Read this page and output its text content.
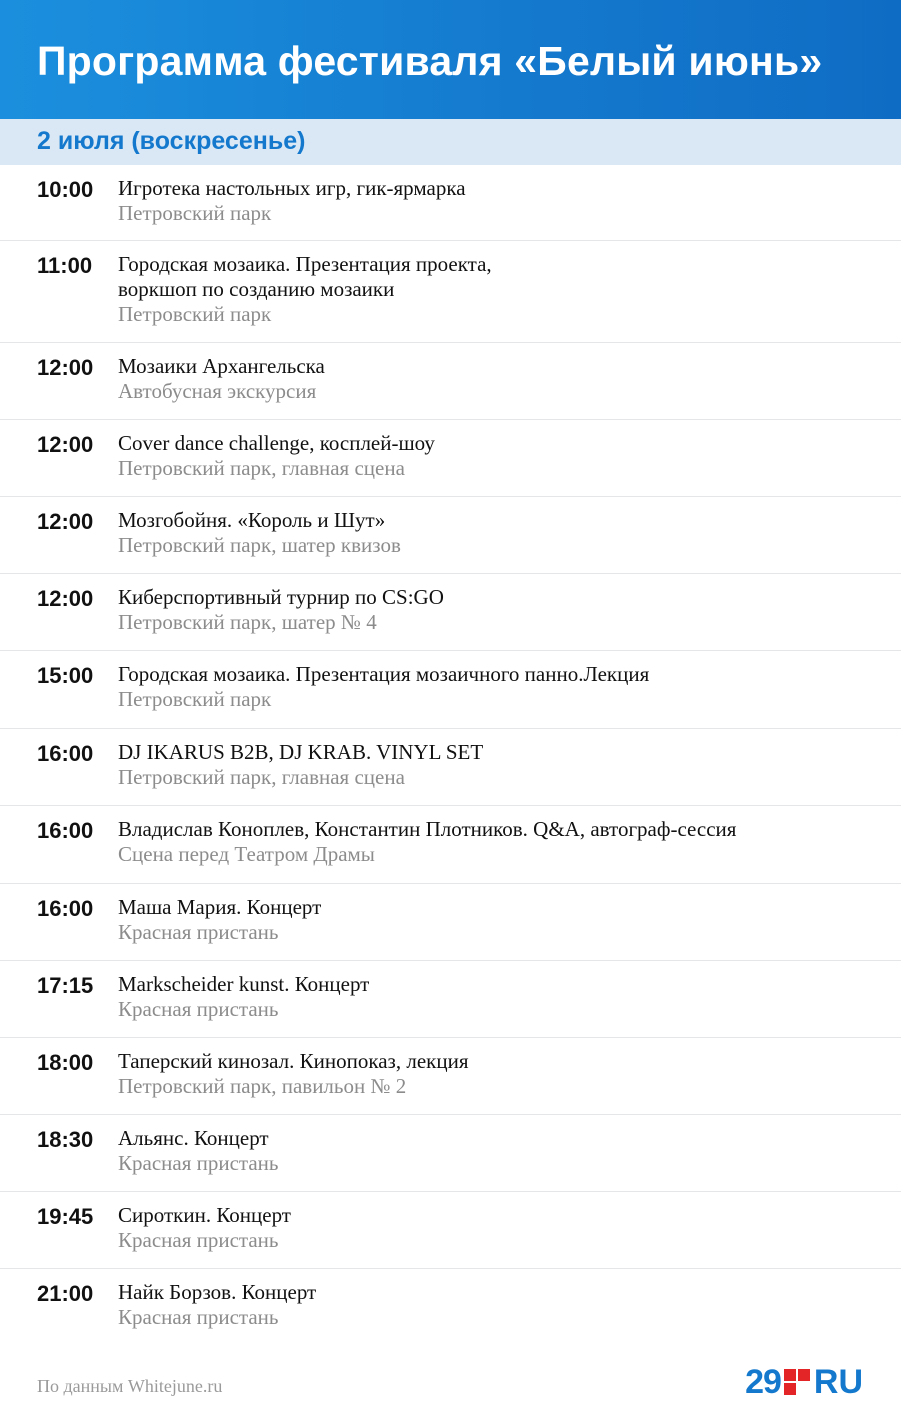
Программа фестиваля «Белый июнь»
2 июля (воскресенье)
10:00 Игротека настольных игр, гик-ярмарка
Петровский парк
11:00 Городская мозаика. Презентация проекта,
воркшоп по созданию мозаики
Петровский парк
12:00 Мозаики Архангельска
Автобусная экскурсия
12:00 Cover dance challenge, косплей-шоу
Петровский парк, главная сцена
12:00 Мозгобойня. «Король и Шут»
Петровский парк, шатер квизов
12:00 Киберспортивный турнир по CS:GO
Петровский парк, шатер № 4
15:00 Городская мозаика. Презентация мозаичного панно.Лекция
Петровский парк
16:00 DJ IKARUS B2B, DJ KRAB. VINYL SET
Петровский парк, главная сцена
16:00 Владислав Коноплев, Константин Плотников. Q&A, автограф-сессия
Сцена перед Театром Драмы
16:00 Маша Мария. Концерт
Красная пристань
17:15 Markscheider kunst. Концерт
Красная пристань
18:00 Таперский кинозал. Кинопоказ, лекция
Петровский парк, павильон № 2
18:30 Альянс. Концерт
Красная пристань
19:45 Сироткин. Концерт
Красная пристань
21:00 Найк Борзов. Концерт
Красная пристань
По данным Whitejune.ru	29 RU
